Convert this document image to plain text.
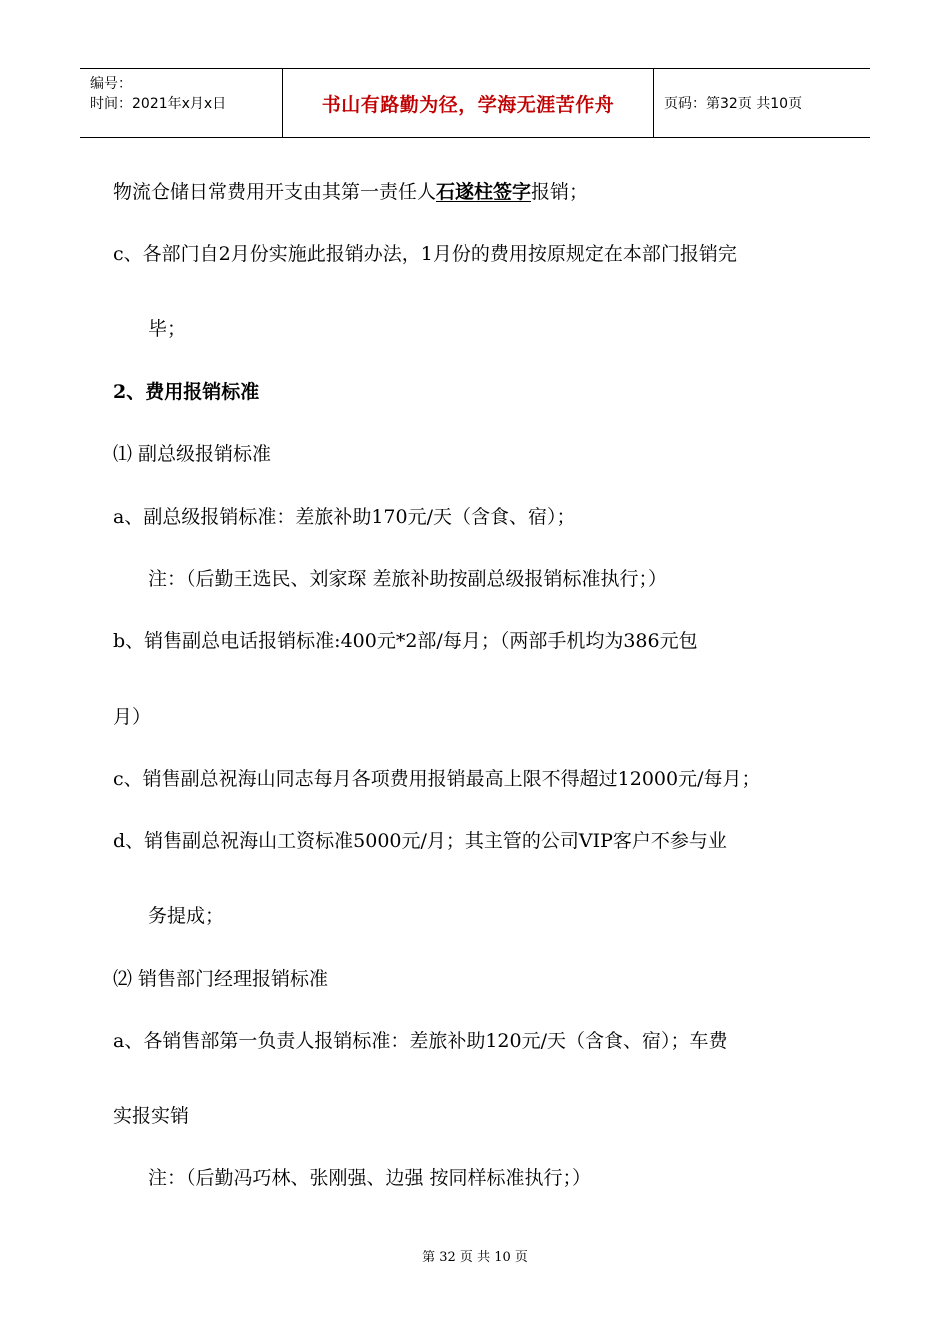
编号：
时间：2021年x月x日	书山有路勤为径，学海无涯苦作舟	页码：第32页 共10页
物流仓储日常费用开支由其第一责任人石遂柱签字报销；
c、各部门自2月份实施此报销办法，1月份的费用按原规定在本部门报销完
毕；
2、费用报销标准
⑴ 副总级报销标准
a、副总级报销标准：差旅补助170元/天（含食、宿）；
注：（后勤王选民、刘家琛 差旅补助按副总级报销标准执行；）
b、销售副总电话报销标准:400元*2部/每月；（两部手机均为386元包
月）
c、销售副总祝海山同志每月各项费用报销最高上限不得超过12000元/每月；
d、销售副总祝海山工资标准5000元/月；其主管的公司VIP客户不参与业
务提成；
⑵ 销售部门经理报销标准
a、各销售部第一负责人报销标准：差旅补助120元/天（含食、宿）；车费
实报实销
注：（后勤冯巧林、张刚强、边强 按同样标准执行；）
第 32 页 共 10 页
